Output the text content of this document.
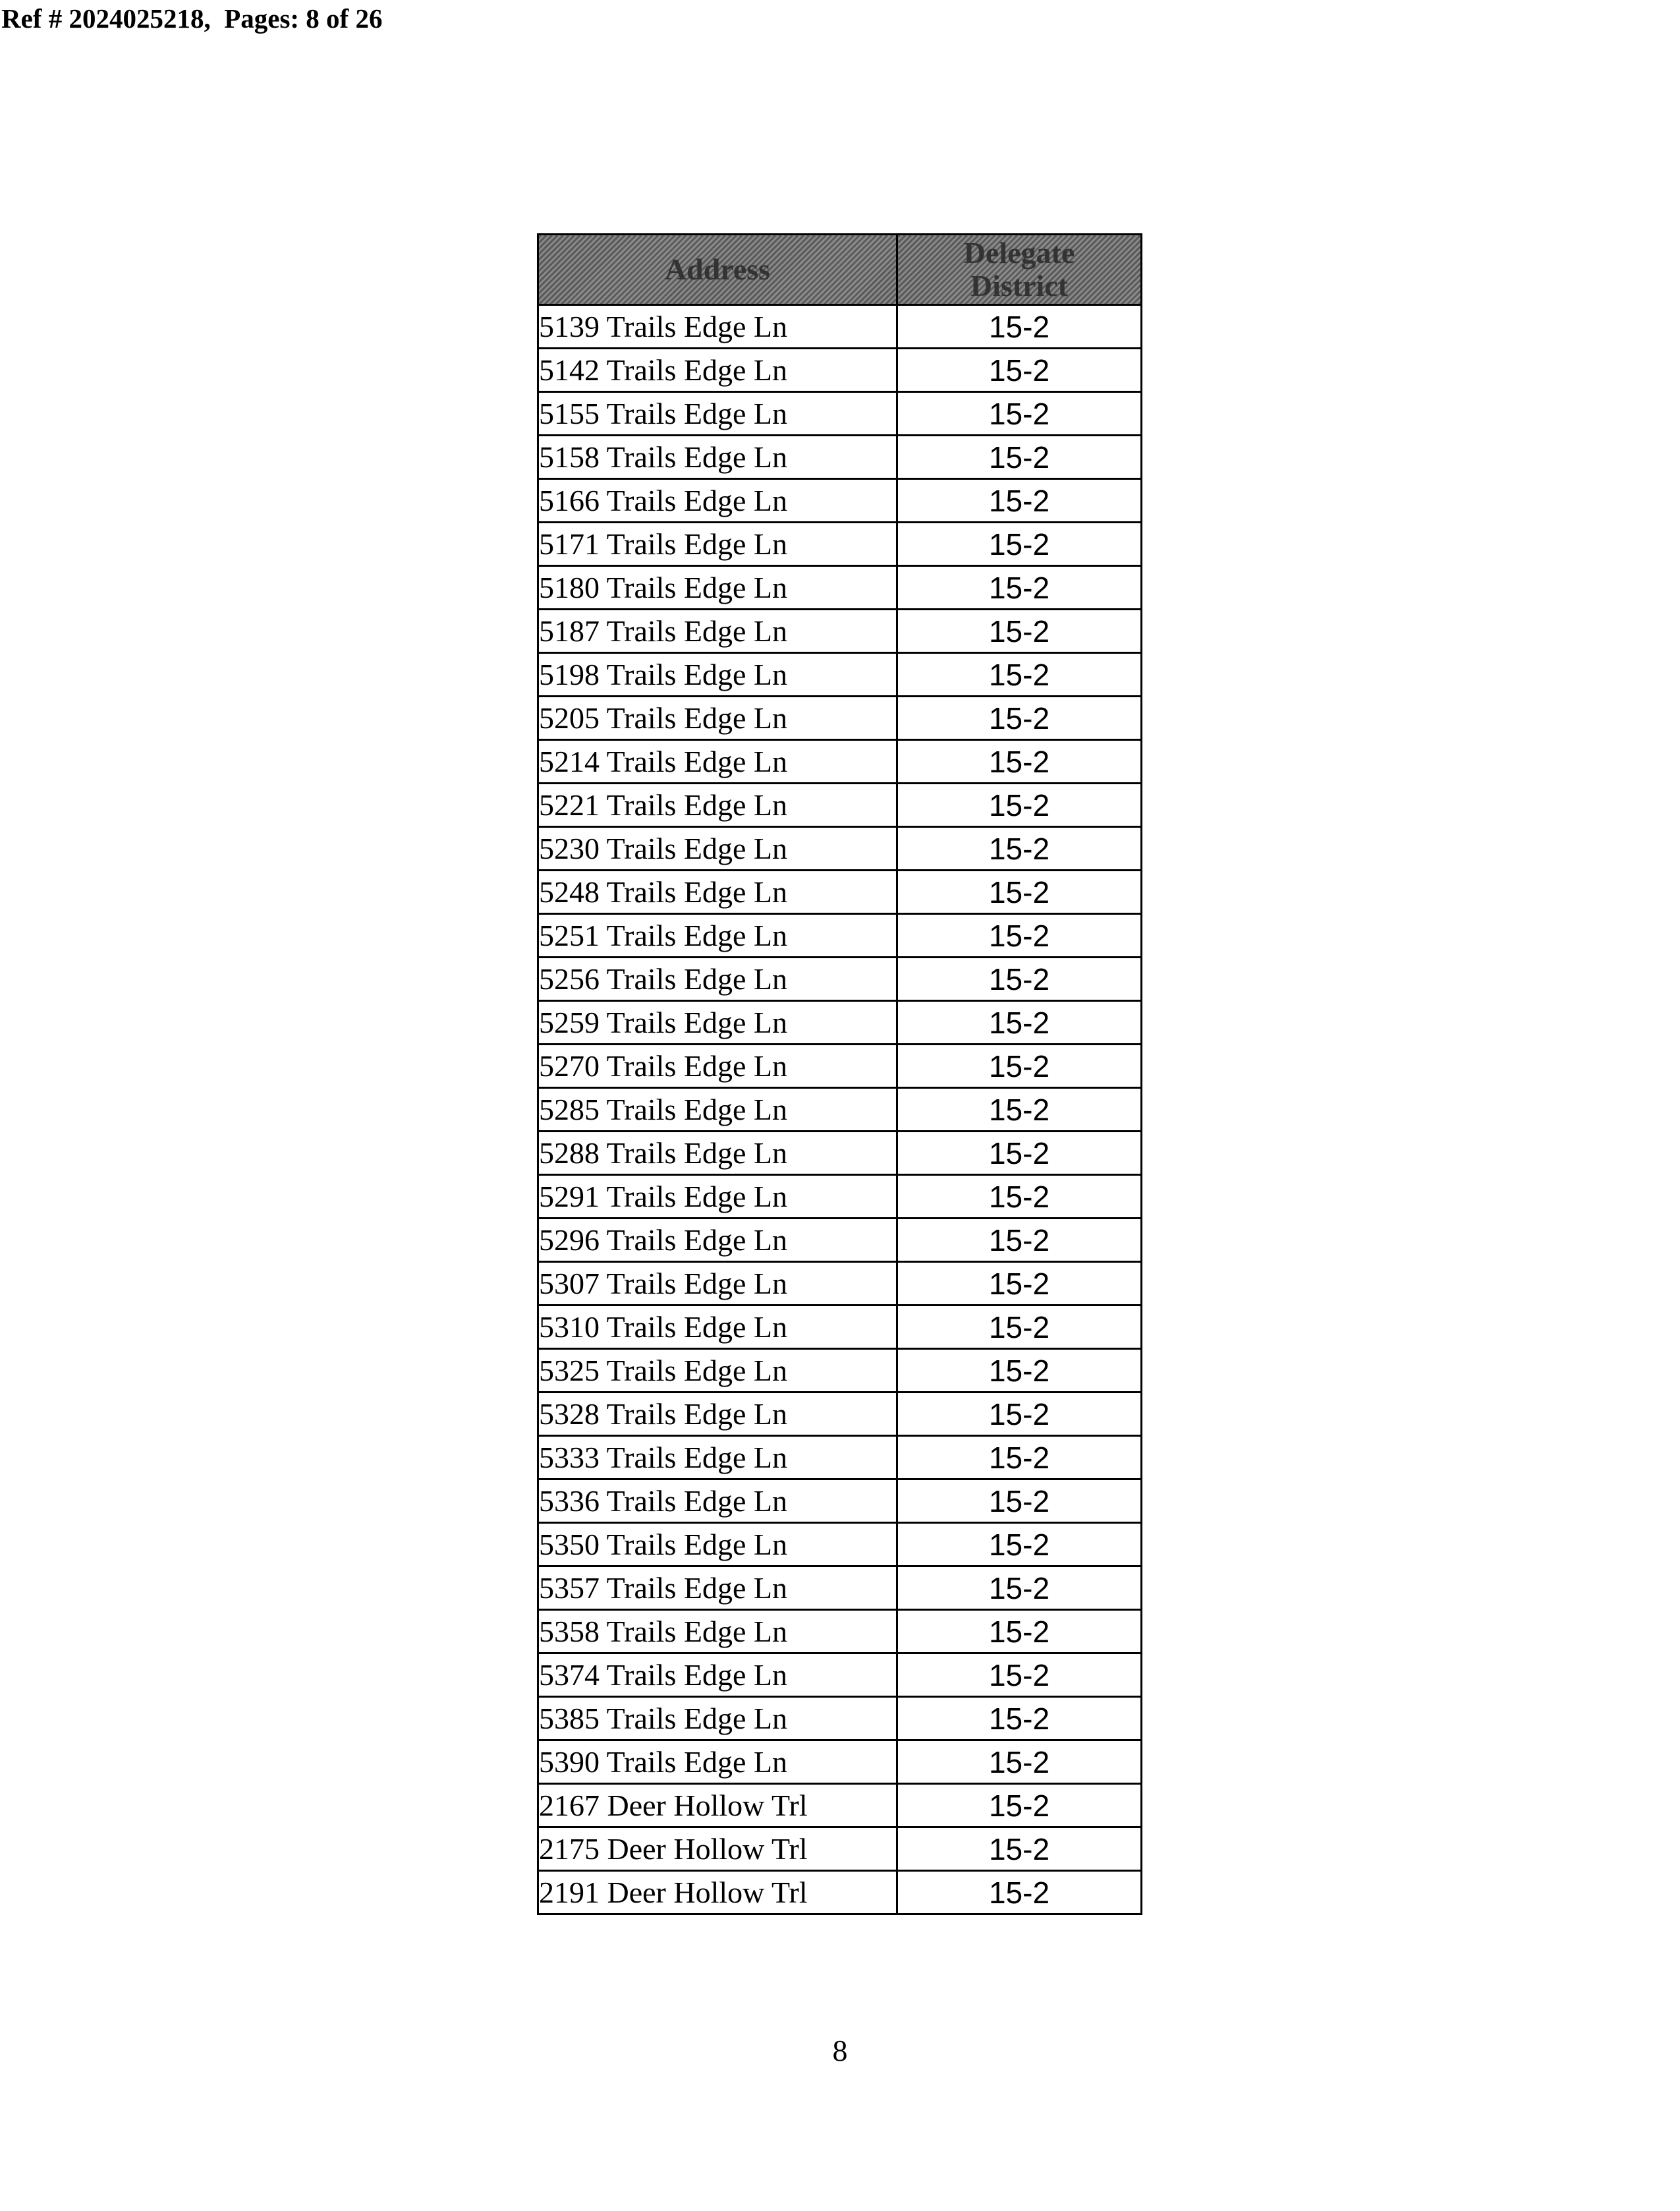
Ref # 2024025218,  Pages: 8 of 26
Address	Delegate
District
5139 Trails Edge Ln	15-2
5142 Trails Edge Ln	15-2
5155 Trails Edge Ln	15-2
5158 Trails Edge Ln	15-2
5166 Trails Edge Ln	15-2
5171 Trails Edge Ln	15-2
5180 Trails Edge Ln	15-2
5187 Trails Edge Ln	15-2
5198 Trails Edge Ln	15-2
5205 Trails Edge Ln	15-2
5214 Trails Edge Ln	15-2
5221 Trails Edge Ln	15-2
5230 Trails Edge Ln	15-2
5248 Trails Edge Ln	15-2
5251 Trails Edge Ln	15-2
5256 Trails Edge Ln	15-2
5259 Trails Edge Ln	15-2
5270 Trails Edge Ln	15-2
5285 Trails Edge Ln	15-2
5288 Trails Edge Ln	15-2
5291 Trails Edge Ln	15-2
5296 Trails Edge Ln	15-2
5307 Trails Edge Ln	15-2
5310 Trails Edge Ln	15-2
5325 Trails Edge Ln	15-2
5328 Trails Edge Ln	15-2
5333 Trails Edge Ln	15-2
5336 Trails Edge Ln	15-2
5350 Trails Edge Ln	15-2
5357 Trails Edge Ln	15-2
5358 Trails Edge Ln	15-2
5374 Trails Edge Ln	15-2
5385 Trails Edge Ln	15-2
5390 Trails Edge Ln	15-2
2167 Deer Hollow Trl	15-2
2175 Deer Hollow Trl	15-2
2191 Deer Hollow Trl	15-2
8
